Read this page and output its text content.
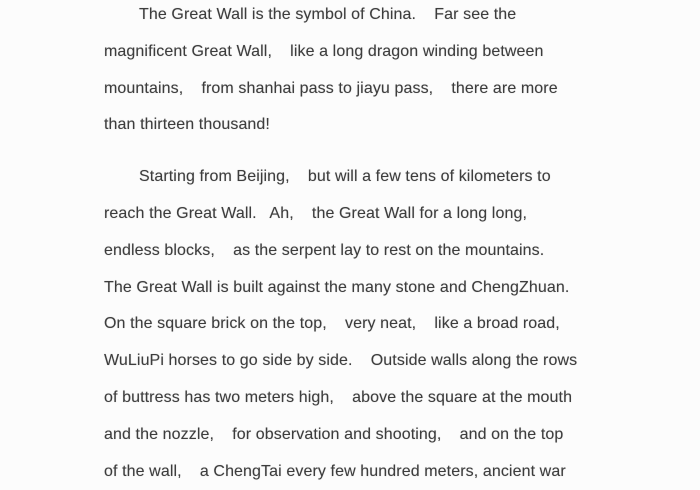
The Great Wall is the symbol of China.    Far see the
magnificent Great Wall,    like a long dragon winding between
mountains,    from shanhai pass to jiayu pass,    there are more
than thirteen thousand!
Starting from Beijing,    but will a few tens of kilometers to
reach the Great Wall.   Ah,    the Great Wall for a long long,
endless blocks,    as the serpent lay to rest on the mountains.
The Great Wall is built against the many stone and ChengZhuan.
On the square brick on the top,    very neat,    like a broad road,
WuLiuPi horses to go side by side.    Outside walls along the rows
of buttress has two meters high,    above the square at the mouth
and the nozzle,    for observation and shooting,    and on the top
of the wall,    a ChengTai every few hundred meters, ancient war
